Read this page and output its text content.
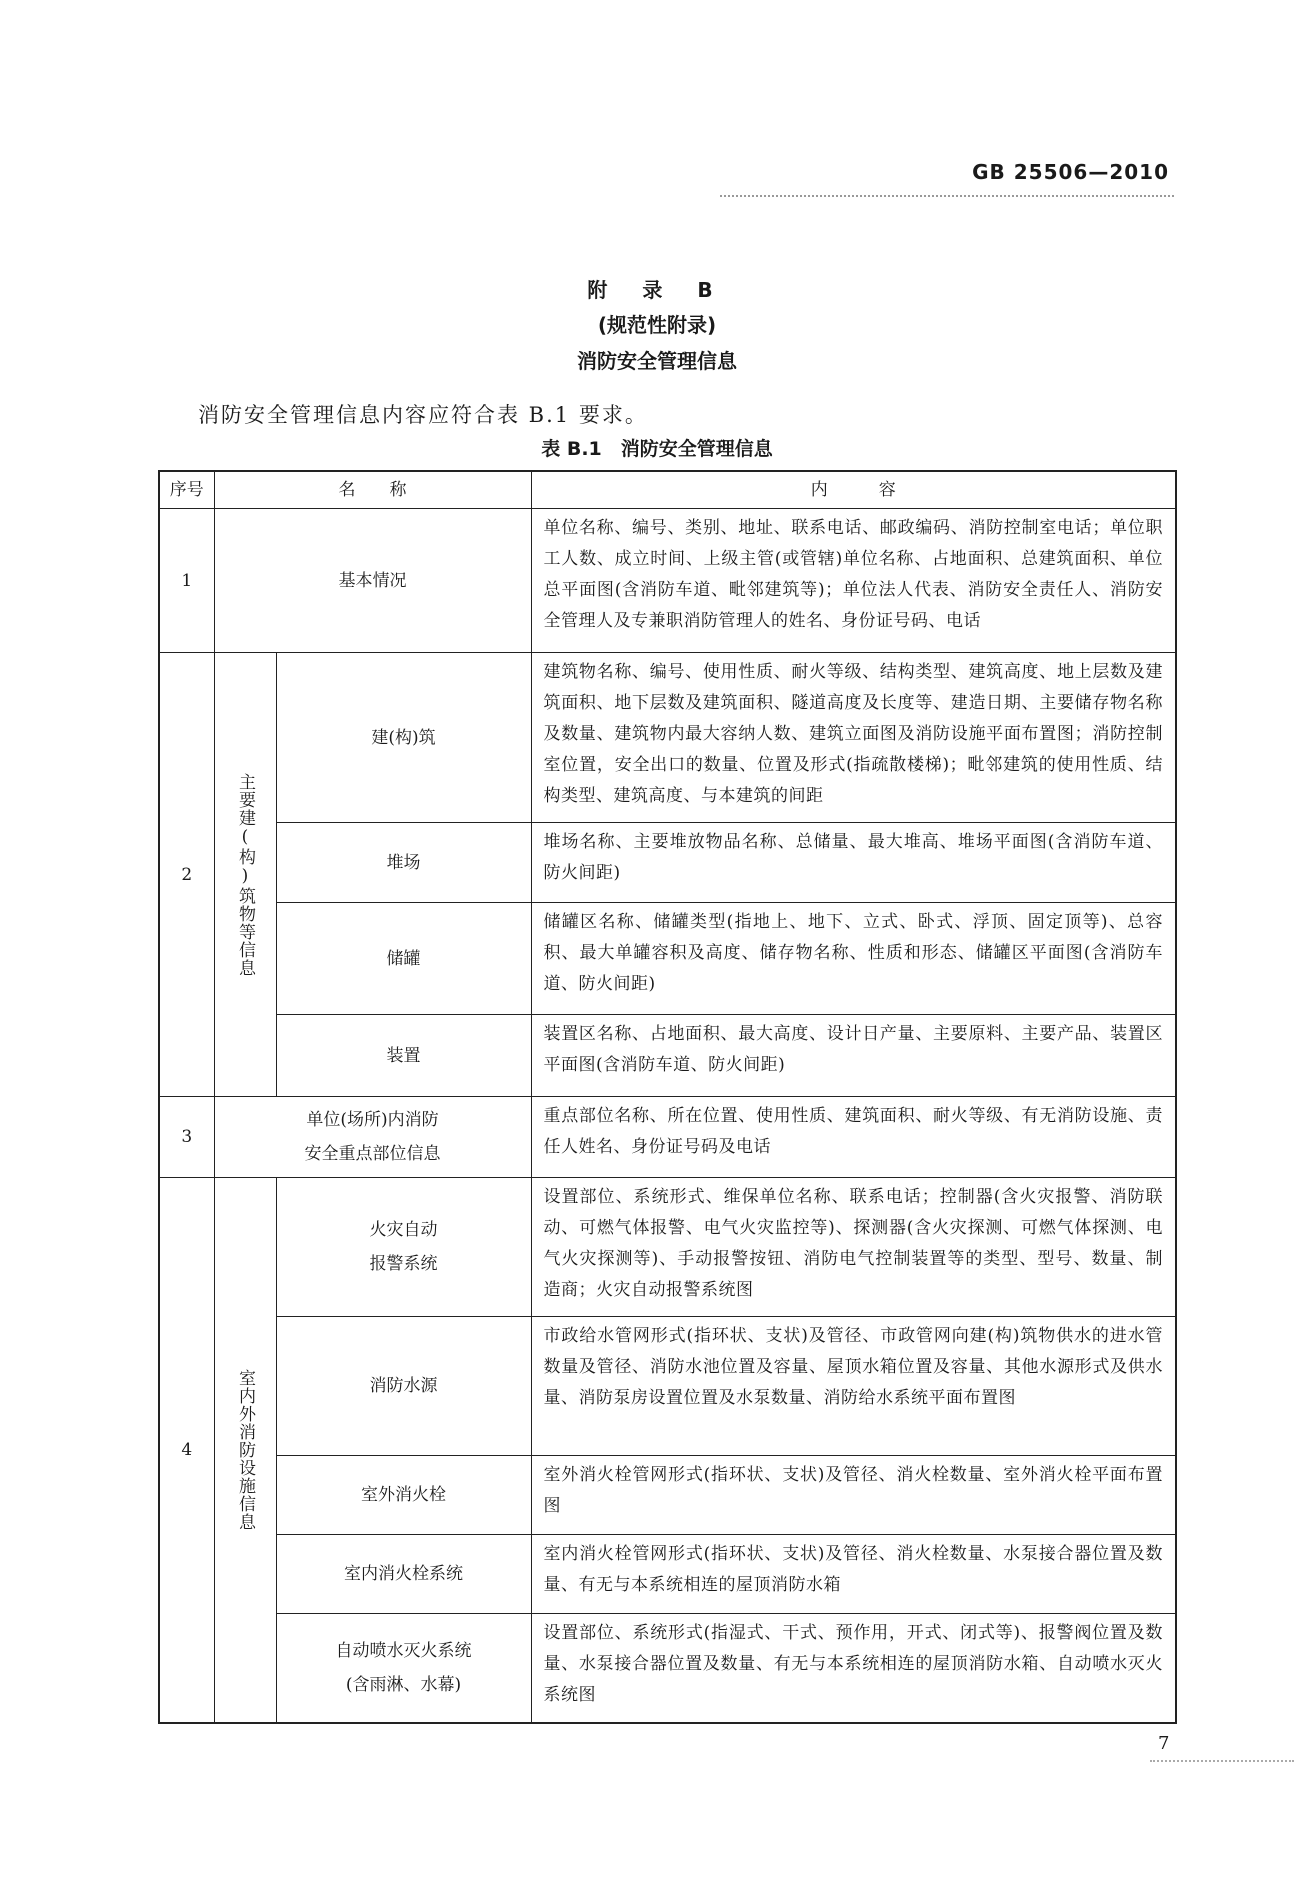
GB 25506—2010
附 录 B
(规范性附录)
消防安全管理信息
消防安全管理信息内容应符合表 B.1 要求。
表 B.1　消防安全管理信息
序号	名　　称		内　　　容
1	基本情况		单位名称、编号、类别、地址、联系电话、邮政编码、消防控制室电话；单位职工人数、成立时间、上级主管(或管辖)单位名称、占地面积、总建筑面积、单位总平面图(含消防车道、毗邻建筑等)；单位法人代表、消防安全责任人、消防安全管理人及专兼职消防管理人的姓名、身份证号码、电话
2	主要建(构)筑物等信息	建(构)筑	建筑物名称、编号、使用性质、耐火等级、结构类型、建筑高度、地上层数及建筑面积、地下层数及建筑面积、隧道高度及长度等、建造日期、主要储存物名称及数量、建筑物内最大容纳人数、建筑立面图及消防设施平面布置图；消防控制室位置，安全出口的数量、位置及形式(指疏散楼梯)；毗邻建筑的使用性质、结构类型、建筑高度、与本建筑的间距
		堆场	堆场名称、主要堆放物品名称、总储量、最大堆高、堆场平面图(含消防车道、防火间距)
		储罐	储罐区名称、储罐类型(指地上、地下、立式、卧式、浮顶、固定顶等)、总容积、最大单罐容积及高度、储存物名称、性质和形态、储罐区平面图(含消防车道、防火间距)
		装置	装置区名称、占地面积、最大高度、设计日产量、主要原料、主要产品、装置区平面图(含消防车道、防火间距)
3	单位(场所)内消防
安全重点部位信息		重点部位名称、所在位置、使用性质、建筑面积、耐火等级、有无消防设施、责任人姓名、身份证号码及电话
4	室内外消防设施信息	火灾自动
报警系统	设置部位、系统形式、维保单位名称、联系电话；控制器(含火灾报警、消防联动、可燃气体报警、电气火灾监控等)、探测器(含火灾探测、可燃气体探测、电气火灾探测等)、手动报警按钮、消防电气控制装置等的类型、型号、数量、制造商；火灾自动报警系统图

		消防水源	市政给水管网形式(指环状、支状)及管径、市政管网向建(构)筑物供水的进水管数量及管径、消防水池位置及容量、屋顶水箱位置及容量、其他水源形式及供水量、消防泵房设置位置及水泵数量、消防给水系统平面布置图

		室外消火栓	室外消火栓管网形式(指环状、支状)及管径、消火栓数量、室外消火栓平面布置图

		室内消火栓系统	室内消火栓管网形式(指环状、支状)及管径、消火栓数量、水泵接合器位置及数量、有无与本系统相连的屋顶消防水箱

		自动喷水灭火系统
(含雨淋、水幕)	设置部位、系统形式(指湿式、干式、预作用，开式、闭式等)、报警阀位置及数量、水泵接合器位置及数量、有无与本系统相连的屋顶消防水箱、自动喷水灭火系统图
7
